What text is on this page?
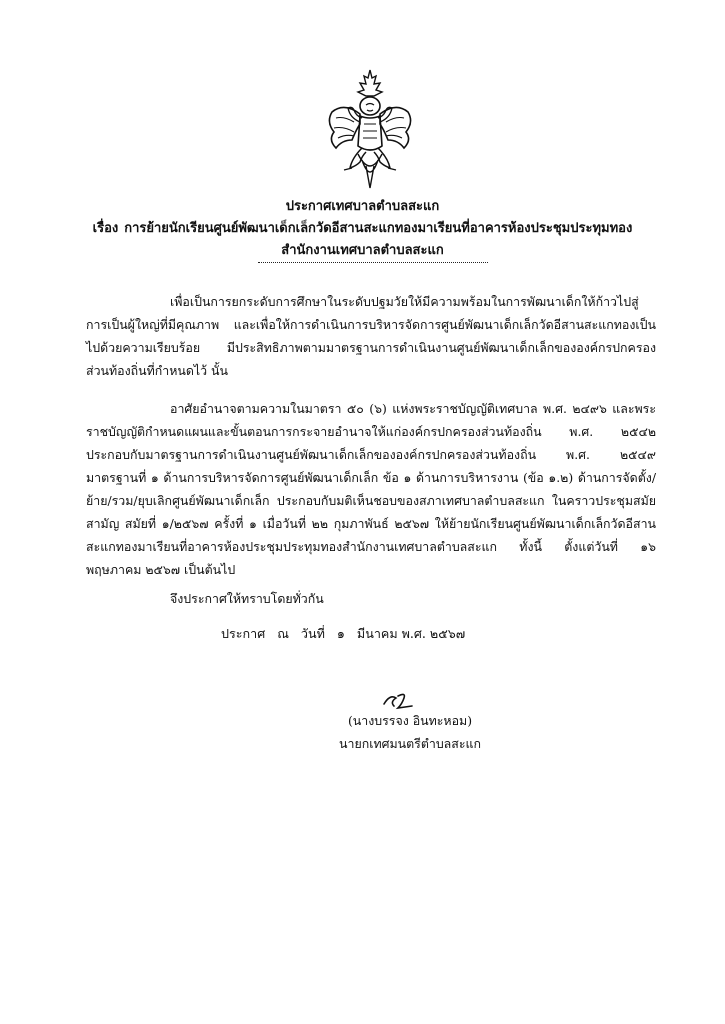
ประกาศเทศบาลตำบลสะแก
เรื่อง การย้ายนักเรียนศูนย์พัฒนาเด็กเล็กวัดอีสานสะแกทองมาเรียนที่อาคารห้องประชุมประทุมทอง
สำนักงานเทศบาลตำบลสะแก
เพื่อเป็นการยกระดับการศึกษาในระดับปฐมวัยให้มีความพร้อมในการพัฒนาเด็กให้ก้าวไปสู่การเป็นผู้ใหญ่ที่มีคุณภาพ และเพื่อให้การดำเนินการบริหารจัดการศูนย์พัฒนาเด็กเล็กวัดอีสานสะแกทองเป็นไปด้วยความเรียบร้อย มีประสิทธิภาพตามมาตรฐานการดำเนินงานศูนย์พัฒนาเด็กเล็กขององค์กรปกครองส่วนท้องถิ่นที่กำหนดไว้ นั้น
อาศัยอำนาจตามความในมาตรา ๕๐ (๖) แห่งพระราชบัญญัติเทศบาล พ.ศ. ๒๔๙๖ และพระราชบัญญัติกำหนดแผนและขั้นตอนการกระจายอำนาจให้แก่องค์กรปกครองส่วนท้องถิ่น พ.ศ. ๒๕๔๒ ประกอบกับมาตรฐานการดำเนินงานศูนย์พัฒนาเด็กเล็กขององค์กรปกครองส่วนท้องถิ่น พ.ศ. ๒๕๔๙ มาตรฐานที่ ๑ ด้านการบริหารจัดการศูนย์พัฒนาเด็กเล็ก ข้อ ๑ ด้านการบริหารงาน (ข้อ ๑.๒) ด้านการจัดตั้ง/ย้าย/รวม/ยุบเลิกศูนย์พัฒนาเด็กเล็ก ประกอบกับมติเห็นชอบของสภาเทศบาลตำบลสะแก ในคราวประชุมสมัยสามัญ สมัยที่ ๑/๒๕๖๗ ครั้งที่ ๑ เมื่อวันที่ ๒๒ กุมภาพันธ์ ๒๕๖๗ ให้ย้ายนักเรียนศูนย์พัฒนาเด็กเล็กวัดอีสานสะแกทองมาเรียนที่อาคารห้องประชุมประทุมทองสำนักงานเทศบาลตำบลสะแก ทั้งนี้ ตั้งแต่วันที่ ๑๖ พฤษภาคม ๒๕๖๗ เป็นต้นไป
จึงประกาศให้ทราบโดยทั่วกัน
ประกาศ   ณ   วันที่   ๑   มีนาคม พ.ศ. ๒๕๖๗
(นางบรรจง อินทะหอม)
นายกเทศมนตรีตำบลสะแก
